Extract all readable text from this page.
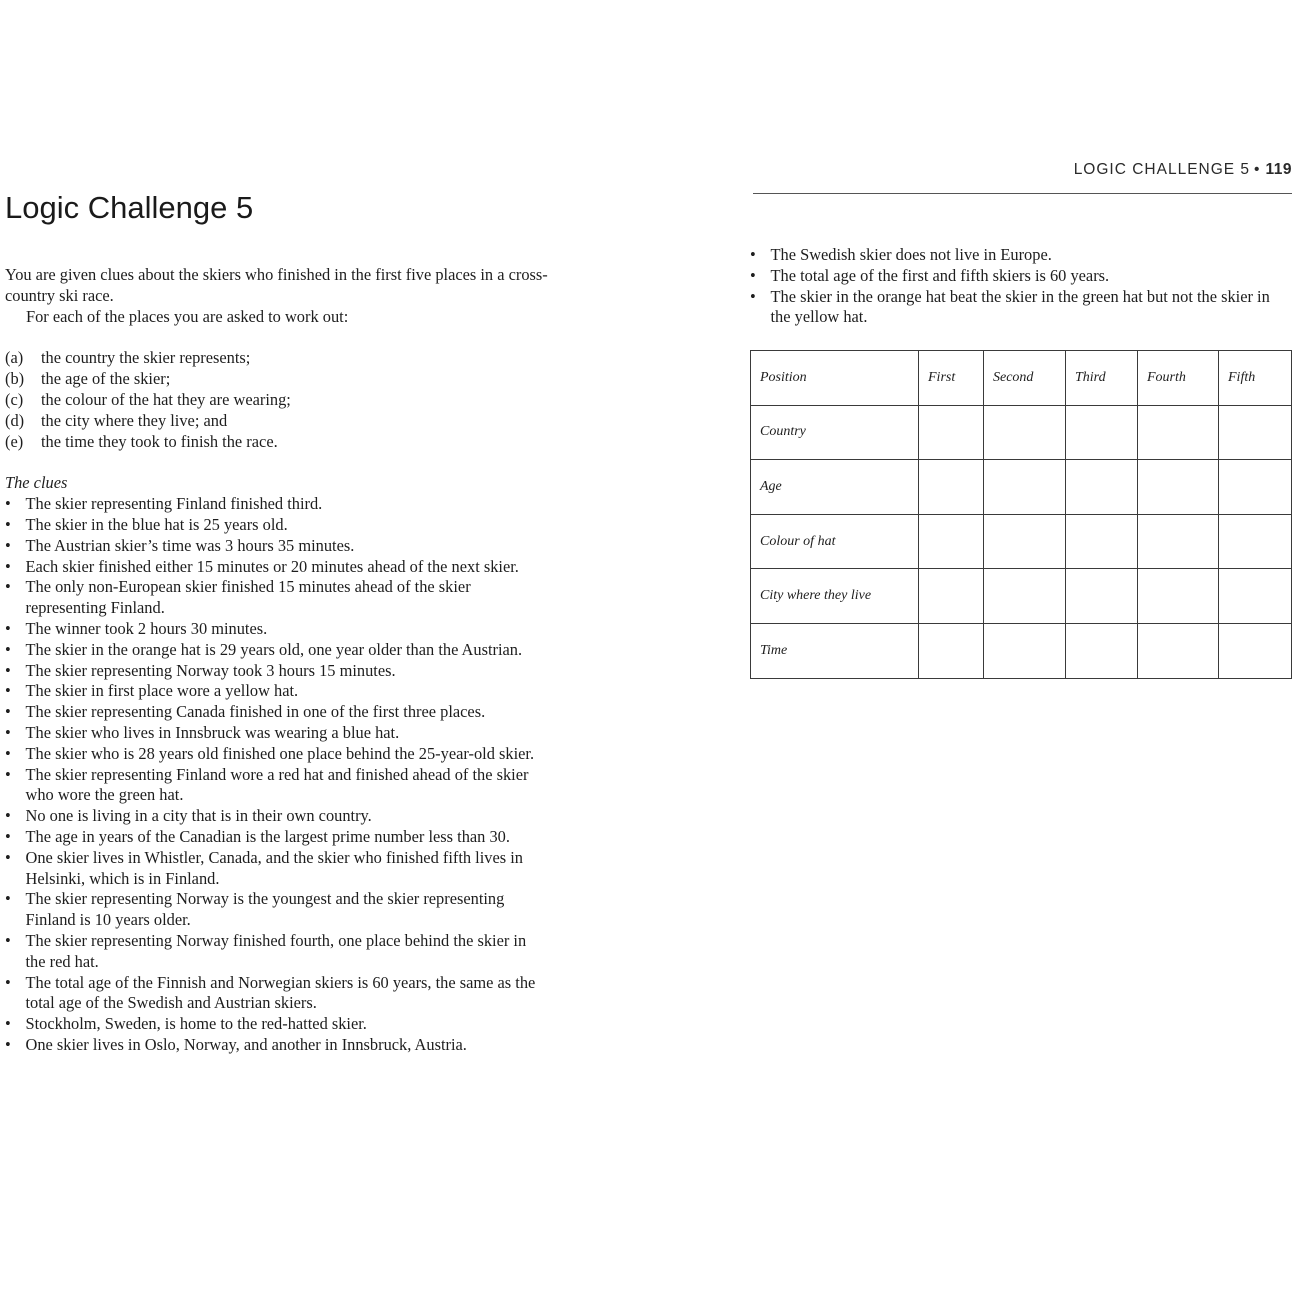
Logic Challenge 5

You are given clues about the skiers who finished in the first five places in a cross-country ski race.

For each of the places you are asked to work out:

(a)	the country the skier represents;
(b)	the age of the skier;
(c)	the colour of the hat they are wearing;
(d)	the city where they live; and
(e)	the time they took to finish the race.

The clues

• The skier representing Finland finished third.
• The skier in the blue hat is 25 years old.
• The Austrian skier’s time was 3 hours 35 minutes.
• Each skier finished either 15 minutes or 20 minutes ahead of the next skier.
• The only non-European skier finished 15 minutes ahead of the skier representing Finland.
• The winner took 2 hours 30 minutes.
• The skier in the orange hat is 29 years old, one year older than the Austrian.
• The skier representing Norway took 3 hours 15 minutes.
• The skier in first place wore a yellow hat.
• The skier representing Canada finished in one of the first three places.
• The skier who lives in Innsbruck was wearing a blue hat.
• The skier who is 28 years old finished one place behind the 25-year-old skier.
• The skier representing Finland wore a red hat and finished ahead of the skier who wore the green hat.
• No one is living in a city that is in their own country.
• The age in years of the Canadian is the largest prime number less than 30.
• One skier lives in Whistler, Canada, and the skier who finished fifth lives in Helsinki, which is in Finland.
• The skier representing Norway is the youngest and the skier representing Finland is 10 years older.
• The skier representing Norway finished fourth, one place behind the skier in the red hat.
• The total age of the Finnish and Norwegian skiers is 60 years, the same as the total age of the Swedish and Austrian skiers.
• Stockholm, Sweden, is home to the red-hatted skier.
• One skier lives in Oslo, Norway, and another in Innsbruck, Austria.
LOGIC CHALLENGE 5 • 119
• The Swedish skier does not live in Europe.
• The total age of the first and fifth skiers is 60 years.
• The skier in the orange hat beat the skier in the green hat but not the skier in the yellow hat.
Position	First	Second	Third	Fourth	Fifth
Country					
Age					
Colour of hat					
City where they live					
Time					
